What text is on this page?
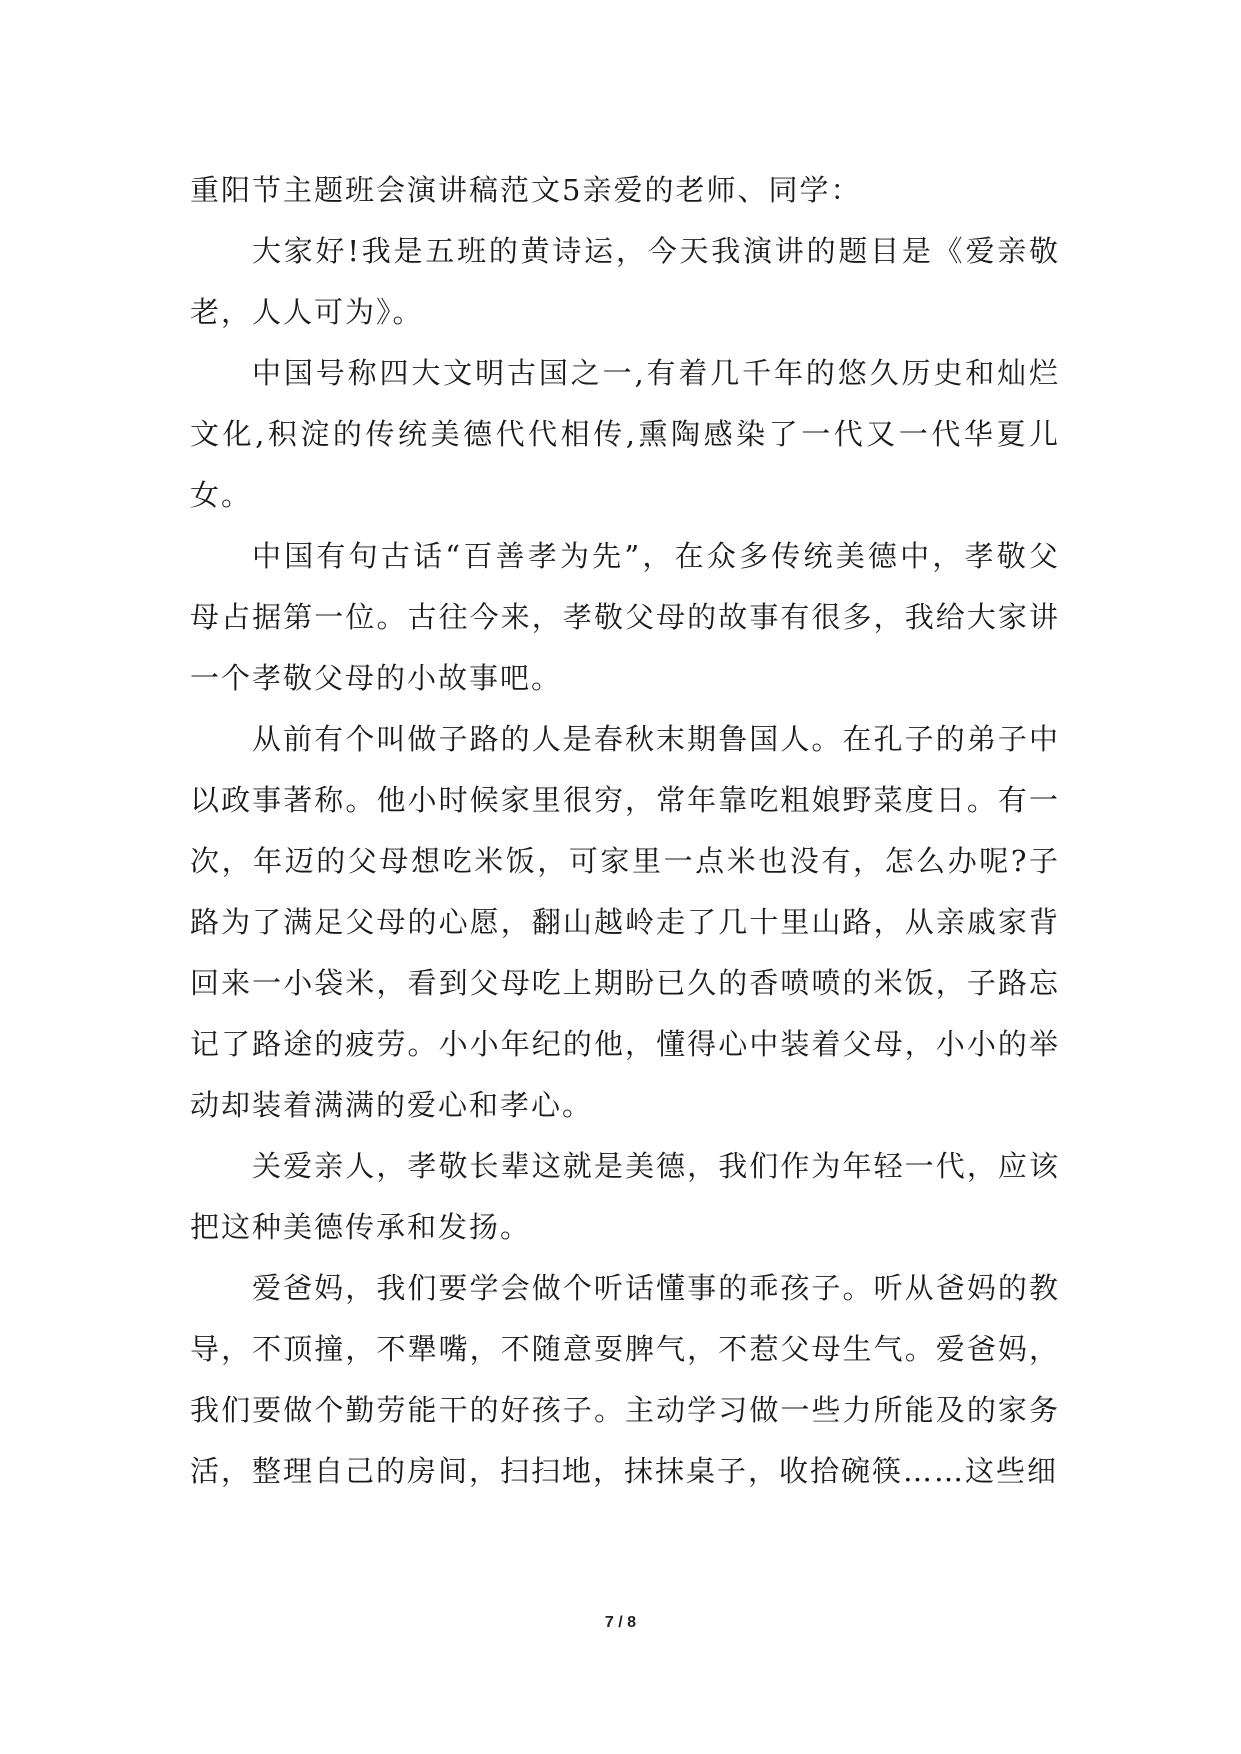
重阳节主题班会演讲稿范文5亲爱的老师、同学：

大家好!我是五班的黄诗运，今天我演讲的题目是《爱亲敬老，人人可为》。

中国号称四大文明古国之一,有着几千年的悠久历史和灿烂文化,积淀的传统美德代代相传,熏陶感染了一代又一代华夏儿女。

中国有句古话“百善孝为先”，在众多传统美德中，孝敬父母占据第一位。古往今来，孝敬父母的故事有很多，我给大家讲一个孝敬父母的小故事吧。

从前有个叫做子路的人是春秋末期鲁国人。在孔子的弟子中以政事著称。他小时候家里很穷，常年靠吃粗娘野菜度日。有一次，年迈的父母想吃米饭，可家里一点米也没有，怎么办呢?子路为了满足父母的心愿，翻山越岭走了几十里山路，从亲戚家背回来一小袋米，看到父母吃上期盼已久的香喷喷的米饭，子路忘记了路途的疲劳。小小年纪的他，懂得心中装着父母，小小的举动却装着满满的爱心和孝心。

关爱亲人，孝敬长辈这就是美德，我们作为年轻一代，应该把这种美德传承和发扬。

爱爸妈，我们要学会做个听话懂事的乖孩子。听从爸妈的教导，不顶撞，不犟嘴，不随意耍脾气，不惹父母生气。爱爸妈，我们要做个勤劳能干的好孩子。主动学习做一些力所能及的家务活，整理自己的房间，扫扫地，抹抹桌子，收拾碗筷……这些细

7 / 8
